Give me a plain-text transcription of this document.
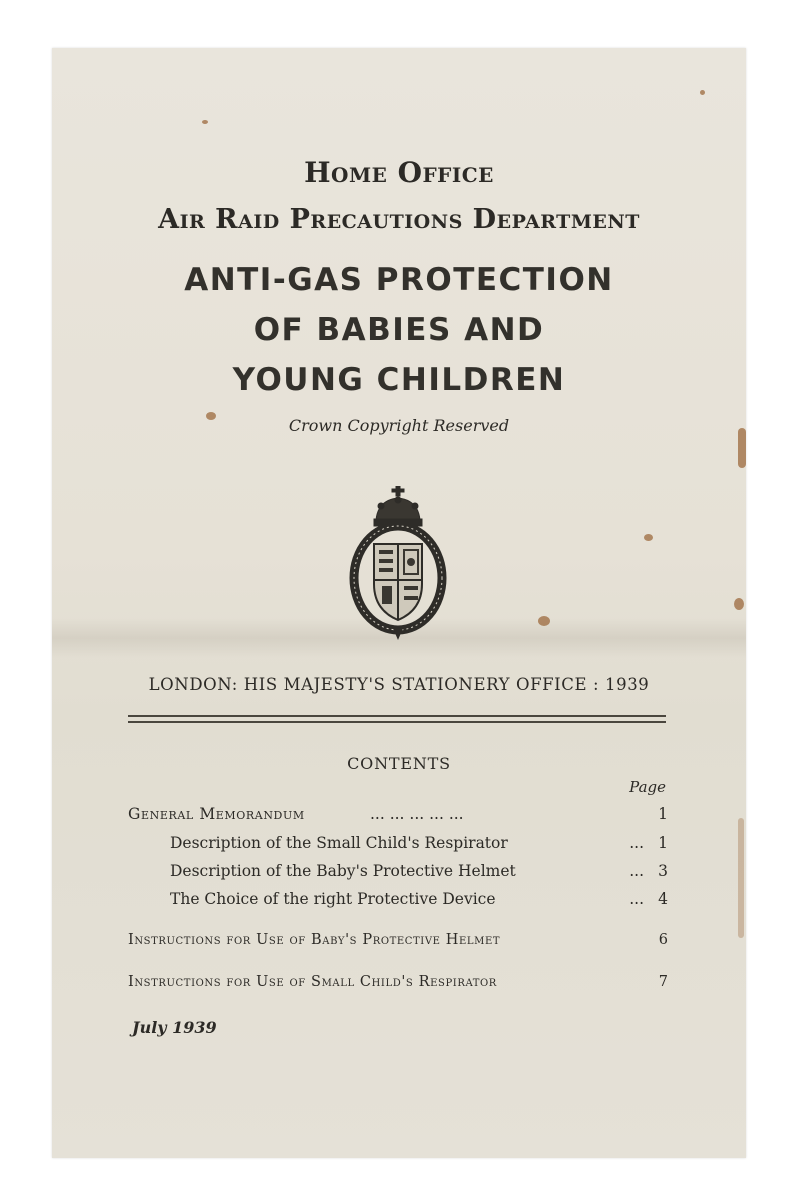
Home Office
Air Raid Precautions Department
ANTI-GAS PROTECTION
OF BABIES AND
YOUNG CHILDREN
Crown Copyright Reserved
LONDON: HIS MAJESTY'S STATIONERY OFFICE : 1939
CONTENTS
Page
General Memorandum	... ... ... ... ...	1
Description of the Small Child's Respirator	... 1
Description of the Baby's Protective Helmet	... 3
The Choice of the right Protective Device	... 4
Instructions for Use of Baby's Protective Helmet	6
Instructions for Use of Small Child's Respirator	7
July 1939
